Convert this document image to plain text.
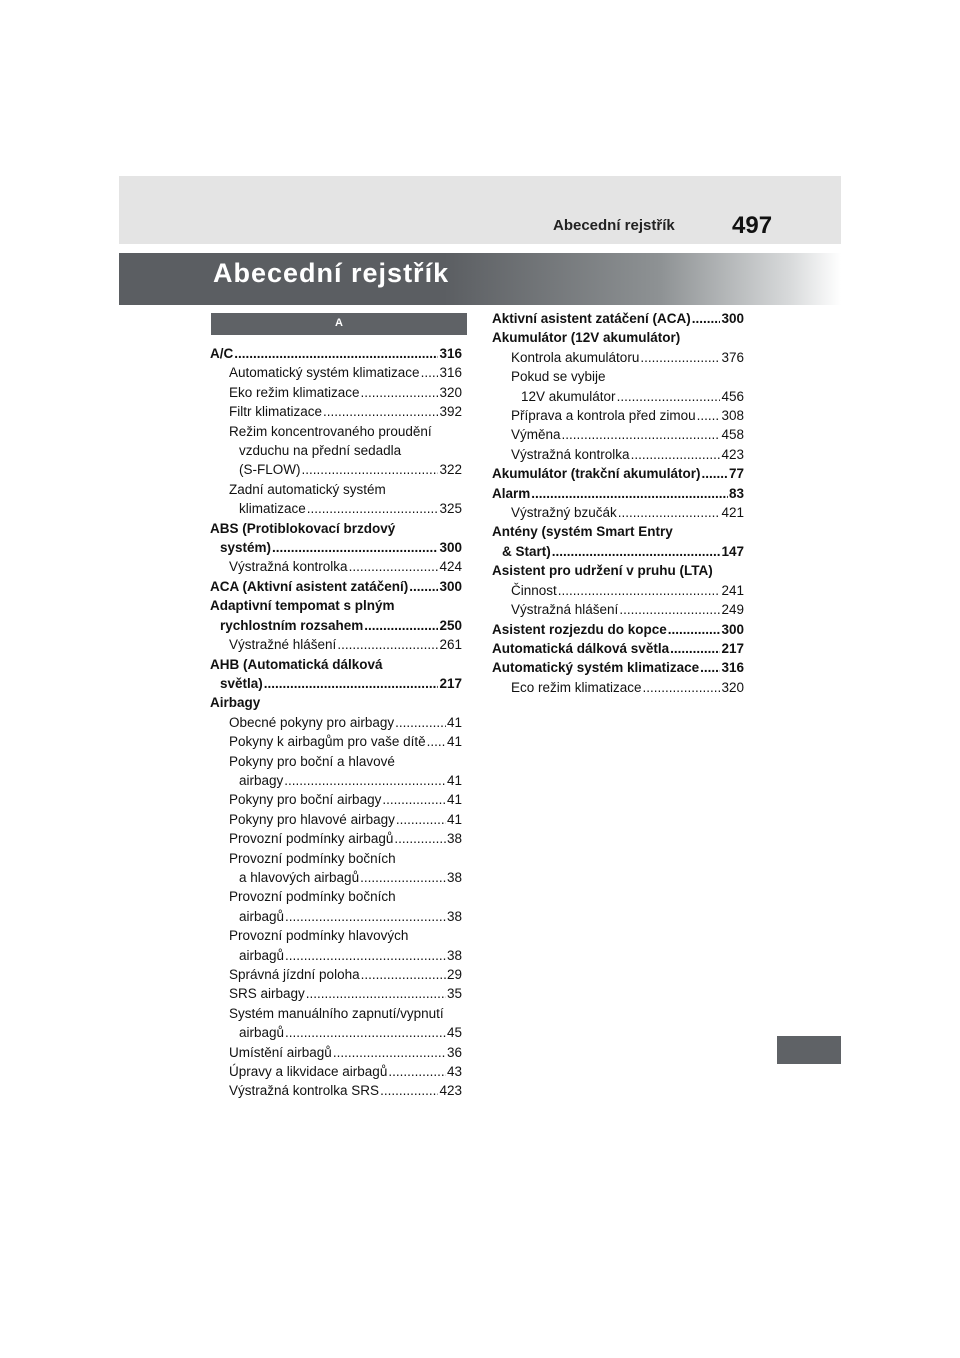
Abecední rejstřík 497
Abecední rejstřík
A
A/C .....	316
Automatický systém klimatizace ..... 316
Eko režim klimatizace .....	320
Filtr klimatizace .....	392
Režim koncentrovaného proudění
vzduchu na přední sedadla
(S-FLOW) .....	322
Zadní automatický systém
klimatizace .....	325
ABS (Protiblokovací brzdový
systém) .....	300
Výstražná kontrolka .....	424
ACA (Aktivní asistent zatáčení) ..... 300
Adaptivní tempomat s plným
rychlostním rozsahem .....	250
Výstražné hlášení .....	261
AHB (Automatická dálková
světla) .....	217
Airbagy
Obecné pokyny pro airbagy .....	41
Pokyny k airbagům pro vaše dítě ..... 41
Pokyny pro boční a hlavové
airbagy .....	41
Pokyny pro boční airbagy .....	41
Pokyny pro hlavové airbagy .....	41
Provozní podmínky airbagů .....	38
Provozní podmínky bočních
a hlavových airbagů .....	38
Provozní podmínky bočních
airbagů .....	38
Provozní podmínky hlavových
airbagů .....	38
Správná jízdní poloha .....	29
SRS airbagy .....	35
Systém manuálního zapnutí/vypnutí
airbagů .....	45
Umístění airbagů .....	36
Úpravy a likvidace airbagů .....	43
Výstražná kontrolka SRS .....	423
Aktivní asistent zatáčení (ACA) ..... 300
Akumulátor (12V akumulátor)
Kontrola akumulátoru .....	376
Pokud se vybije
12V akumulátor .....	456
Příprava a kontrola před zimou ..... 308
Výměna .....	458
Výstražná kontrolka .....	423
Akumulátor (trakční akumulátor) ..... 77
Alarm .....	83
Výstražný bzučák .....	421
Antény (systém Smart Entry
& Start) .....	147
Asistent pro udržení v pruhu (LTA)
Činnost .....	241
Výstražná hlášení .....	249
Asistent rozjezdu do kopce .....	300
Automatická dálková světla .....	217
Automatický systém klimatizace ..... 316
Eco režim klimatizace .....	320
